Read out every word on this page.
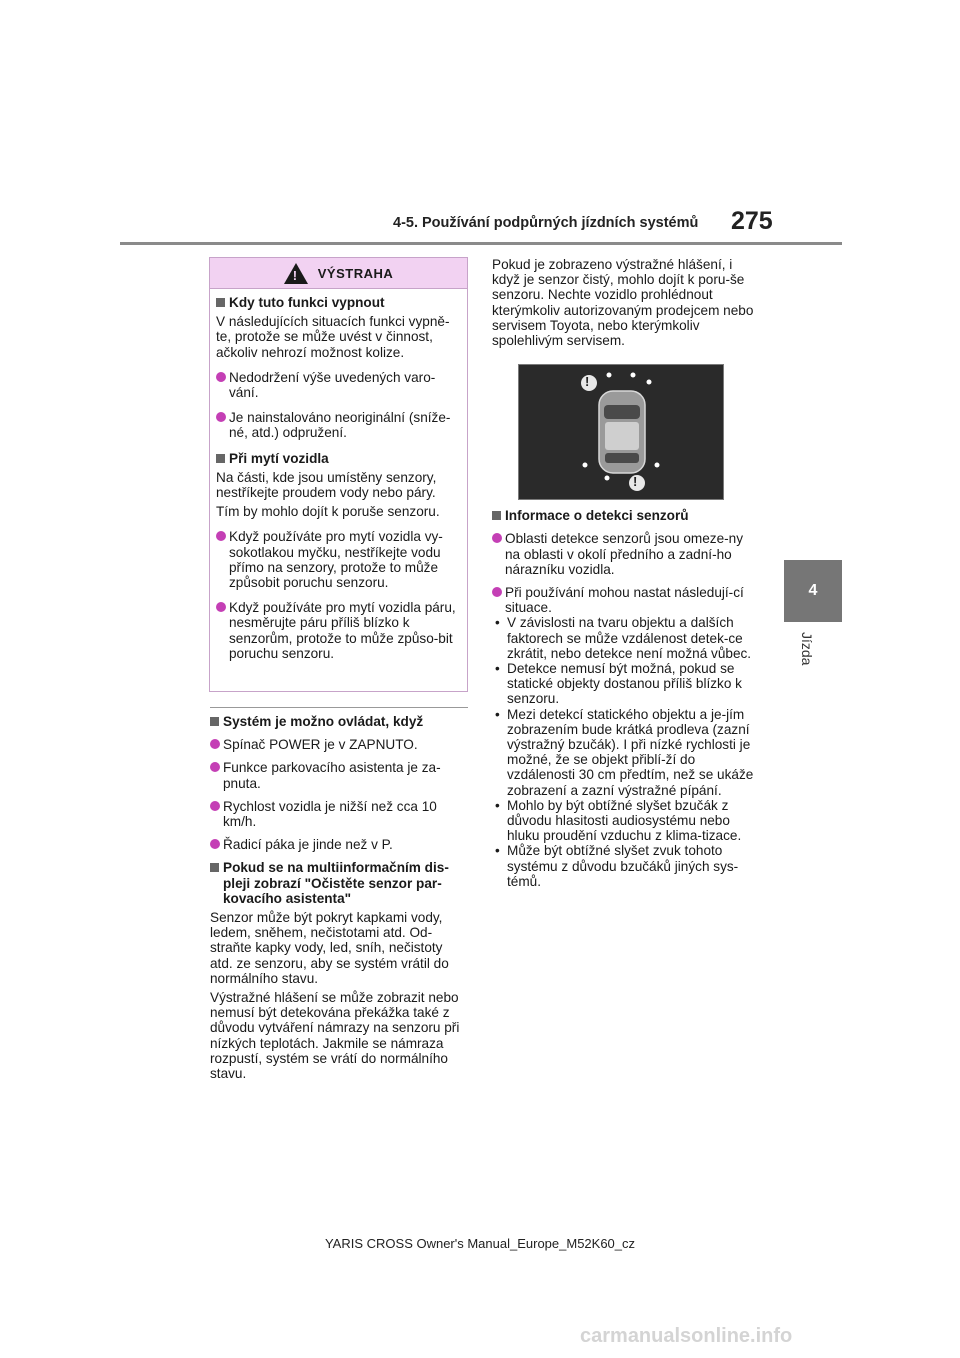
4-5. Používání podpůrných jízdních systémů 275
4
Jízda
!
VÝSTRAHA
Kdy tuto funkci vypnout
V následujících situacích funkci vypně-te, protože se může uvést v činnost, ačkoliv nehrozí možnost kolize.
Nedodržení výše uvedených varo-vání.
Je nainstalováno neoriginální (sníže-né, atd.) odpružení.
Při mytí vozidla
Na části, kde jsou umístěny senzory, nestříkejte proudem vody nebo páry.
Tím by mohlo dojít k poruše senzoru.
Když používáte pro mytí vozidla vy-sokotlakou myčku, nestříkejte vodu přímo na senzory, protože to může způsobit poruchu senzoru.
Když používáte pro mytí vozidla páru, nesměrujte páru příliš blízko k senzorům, protože to může způso-bit poruchu senzoru.
Systém je možno ovládat, když
Spínač POWER je v ZAPNUTO.
Funkce parkovacího asistenta je za-pnuta.
Rychlost vozidla je nižší než cca 10 km/h.
Řadicí páka je jinde než v P.
Pokud se na multiinformačním dis-pleji zobrazí "Očistěte senzor par-kovacího asistenta"
Senzor může být pokryt kapkami vody, ledem, sněhem, nečistotami atd. Od-straňte kapky vody, led, sníh, nečistoty atd. ze senzoru, aby se systém vrátil do normálního stavu.
Výstražné hlášení se může zobrazit nebo nemusí být detekována překážka také z důvodu vytváření námrazy na senzoru při nízkých teplotách. Jakmile se námraza rozpustí, systém se vrátí do normálního stavu.
Pokud je zobrazeno výstražné hlášení, i když je senzor čistý, mohlo dojít k poru-še senzoru. Nechte vozidlo prohlédnout kterýmkoliv autorizovaným prodejcem nebo servisem Toyota, nebo kterýmkoliv spolehlivým servisem.
!
!
Informace o detekci senzorů
Oblasti detekce senzorů jsou omeze-ny na oblasti v okolí předního a zadní-ho nárazníku vozidla.
Při používání mohou nastat následují-cí situace.
• V závislosti na tvaru objektu a dalších faktorech se může vzdálenost detek-ce zkrátit, nebo detekce není možná vůbec.
• Detekce nemusí být možná, pokud se statické objekty dostanou příliš blízko k senzoru.
• Mezi detekcí statického objektu a je-jím zobrazením bude krátká prodleva (zazní výstražný bzučák). I při nízké rychlosti je možné, že se objekt přiblí-ží do vzdálenosti 30 cm předtím, než se ukáže zobrazení a zazní výstražné pípání.
• Mohlo by být obtížné slyšet bzučák z důvodu hlasitosti audiosystému nebo hluku proudění vzduchu z klima-tizace.
• Může být obtížné slyšet zvuk tohoto systému z důvodu bzučáků jiných sys-témů.
YARIS CROSS Owner's Manual_Europe_M52K60_cz
carmanualsonline.info
